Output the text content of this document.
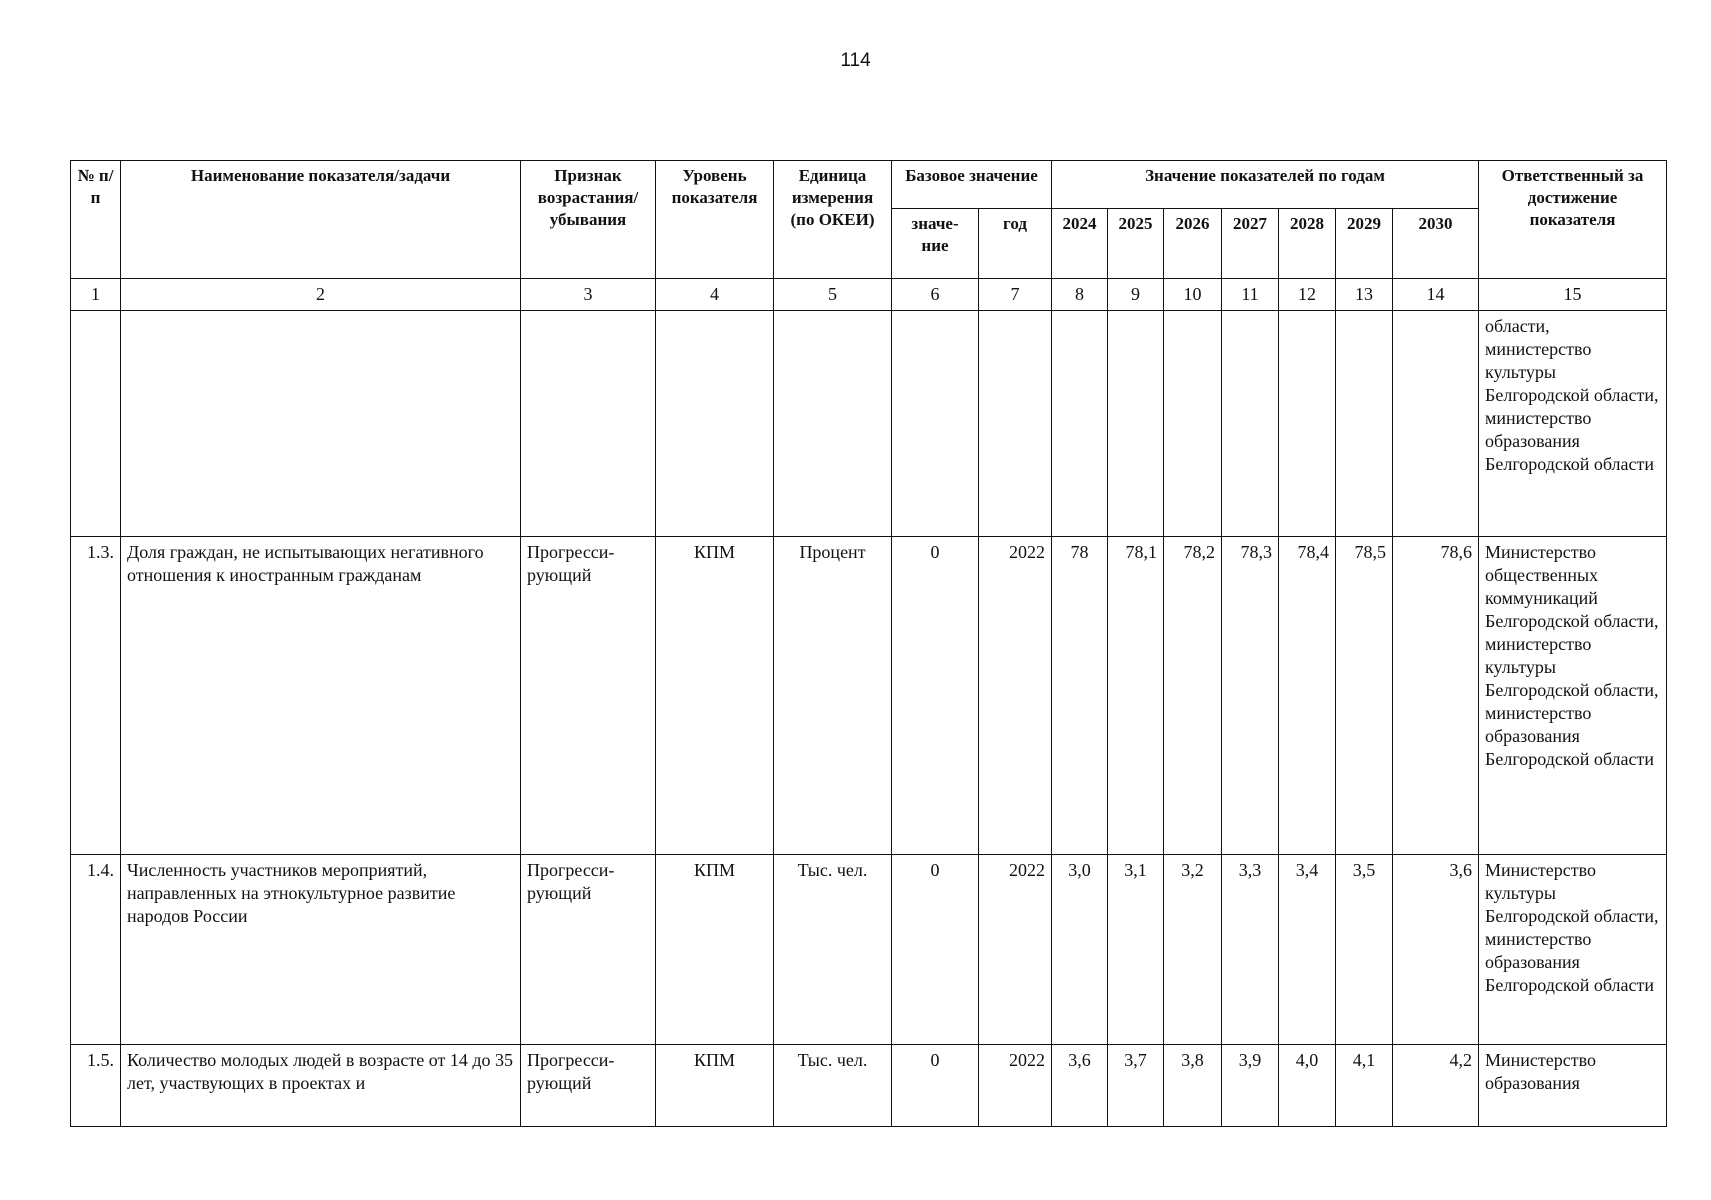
114
№ п/п	Наименование показателя/задачи	Признак возрастания/ убывания	Уровень показателя	Единица измерения (по ОКЕИ)	Базовое значение		Значение показателей по годам							Ответственный за достижение показателя
					значе-ние	год	2024	2025	2026	2027	2028	2029	2030	
1	2	3	4	5	6	7	8	9	10	11	12	13	14	15
														области, министерство культуры Белгородской области, министерство образования Белгородской области
1.3.	Доля граждан, не испытывающих негативного отношения к иностранным гражданам	Прогресси-рующий	КПМ	Процент	0	2022	78	78,1	78,2	78,3	78,4	78,5	78,6	Министерство общественных коммуникаций Белгородской области, министерство культуры Белгородской области, министерство образования Белгородской области
1.4.	Численность участников мероприятий, направленных на этнокультурное развитие народов России	Прогресси-рующий	КПМ	Тыс. чел.	0	2022	3,0	3,1	3,2	3,3	3,4	3,5	3,6	Министерство культуры Белгородской области, министерство образования Белгородской области
1.5.	Количество молодых людей в возрасте от 14 до 35 лет, участвующих в проектах и	Прогресси-рующий	КПМ	Тыс. чел.	0	2022	3,6	3,7	3,8	3,9	4,0	4,1	4,2	Министерство образования
